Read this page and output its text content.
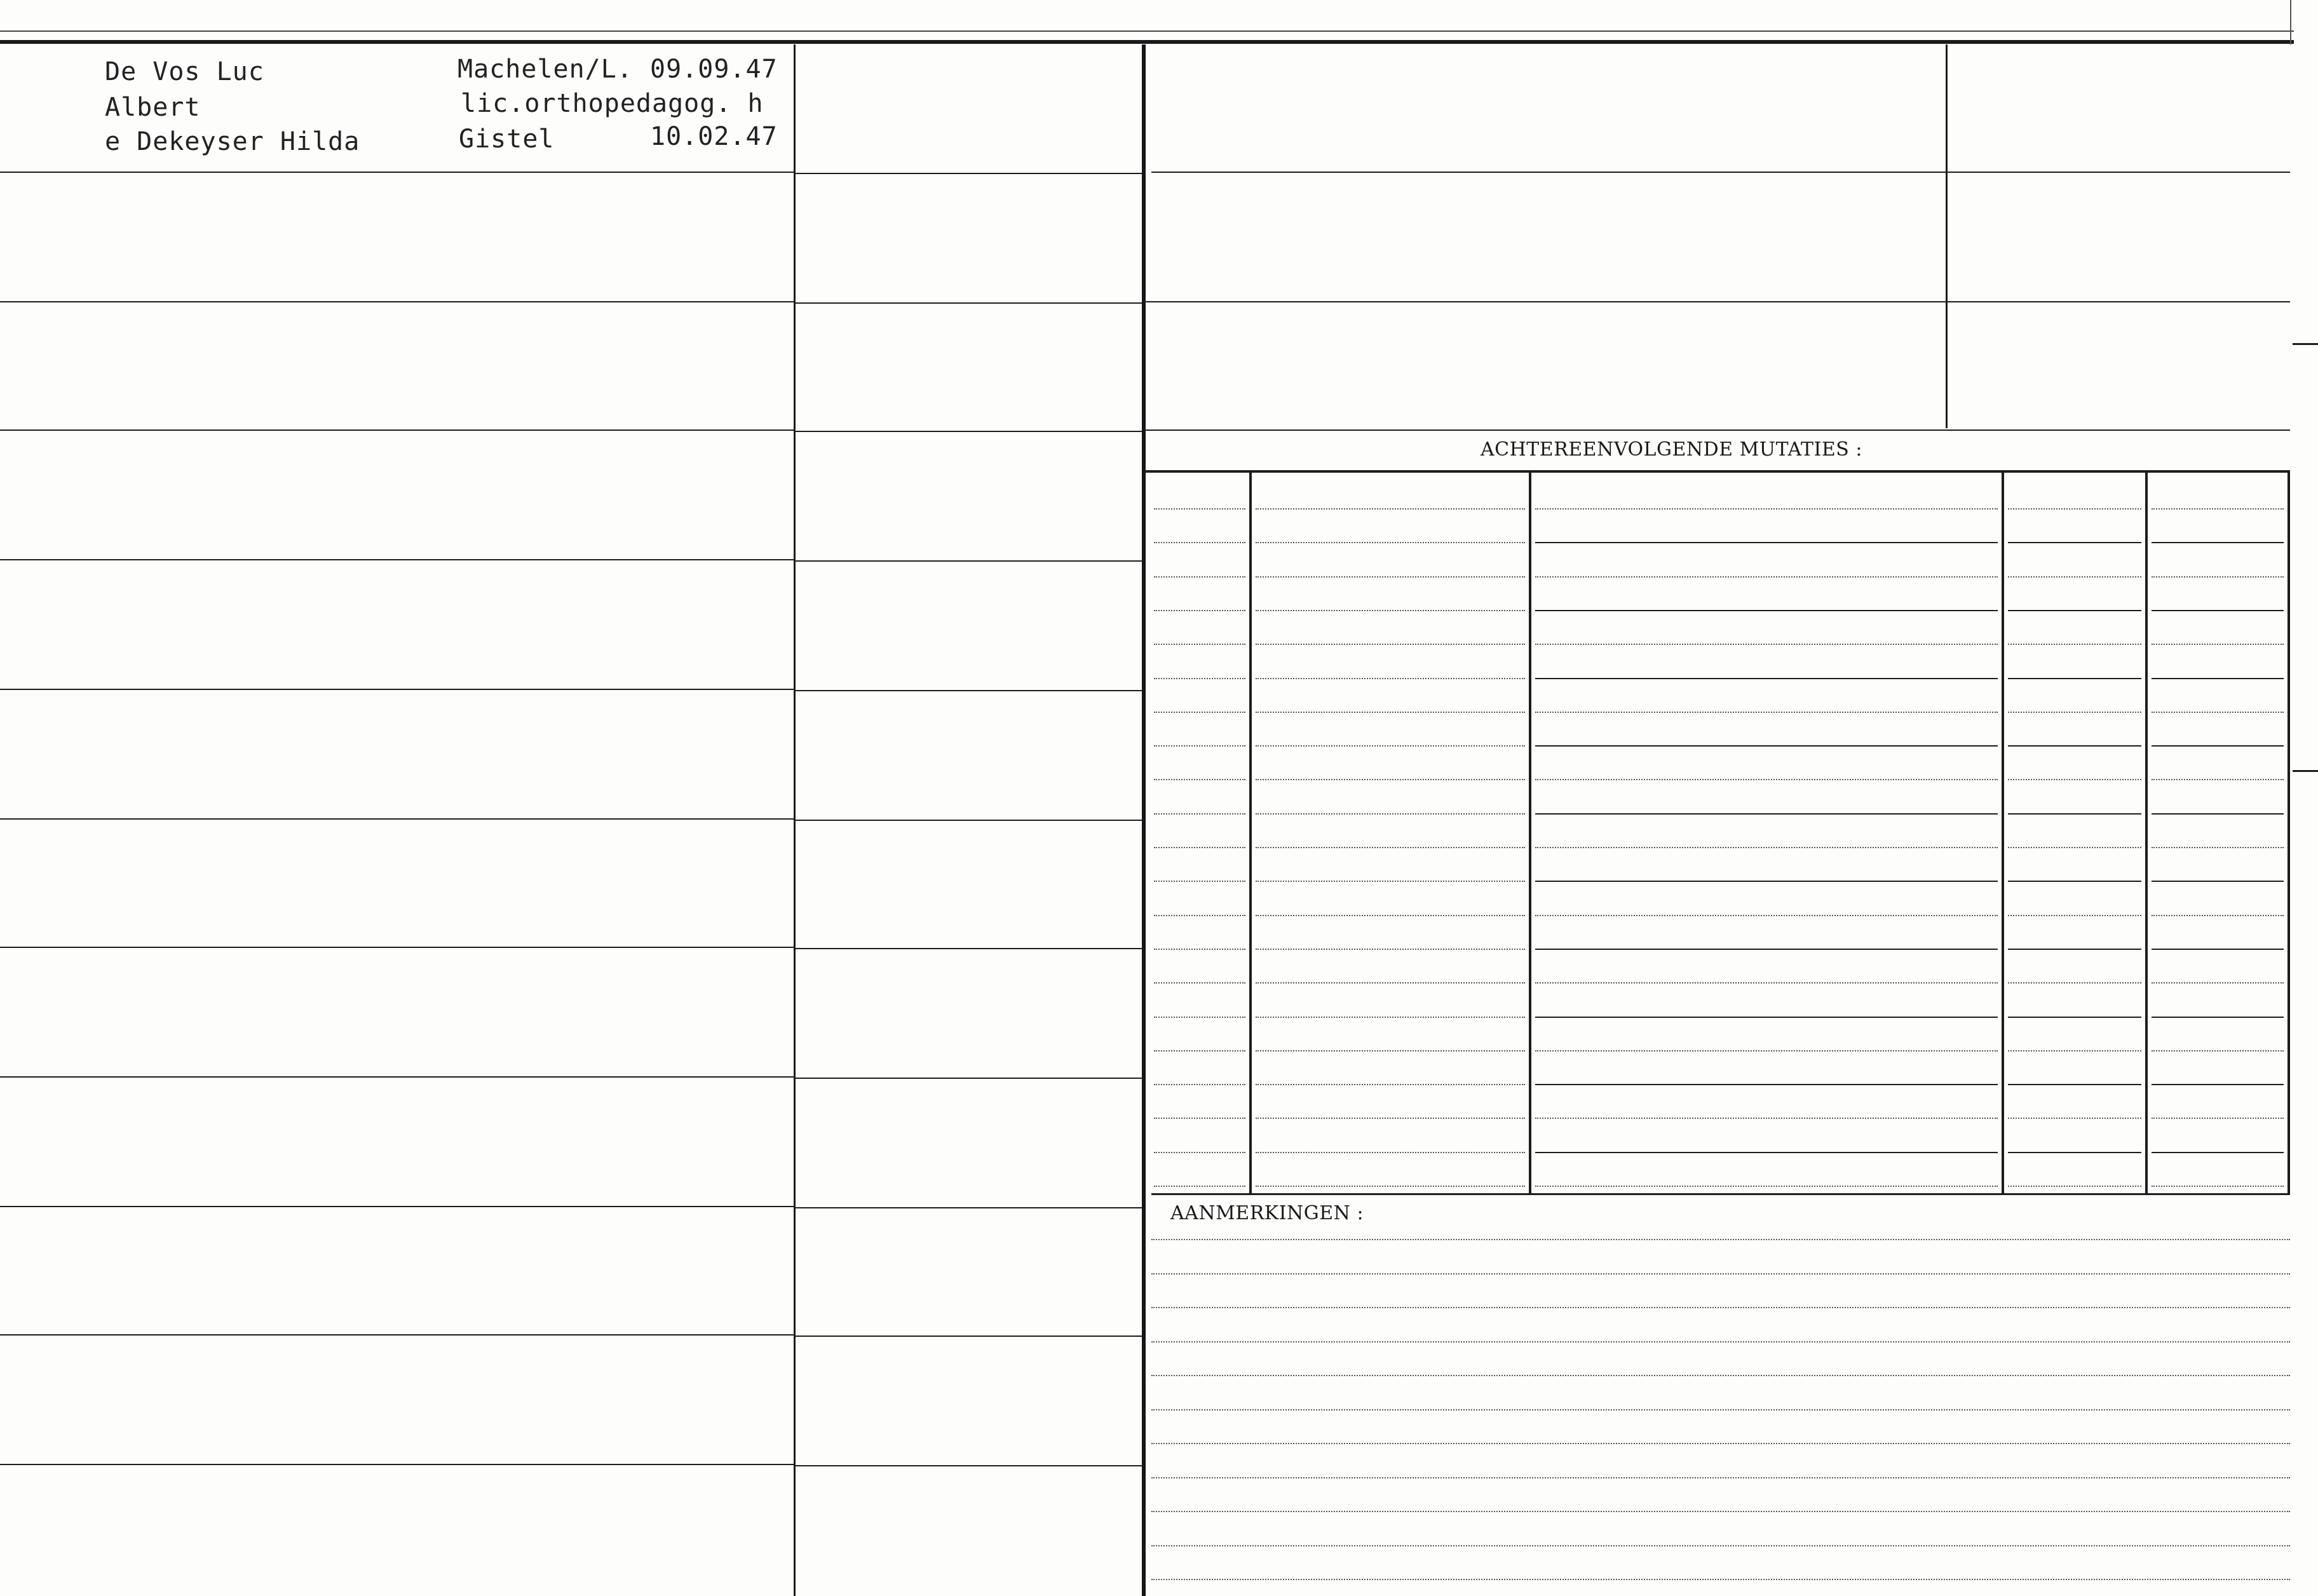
De Vos Luc
Albert
e Dekeyser Hilda
Machelen/L. 09.09.47
lic.orthopedagog. h
Gistel	10.02.47
ACHTEREENVOLGENDE MUTATIES :
AANMERKINGEN :
